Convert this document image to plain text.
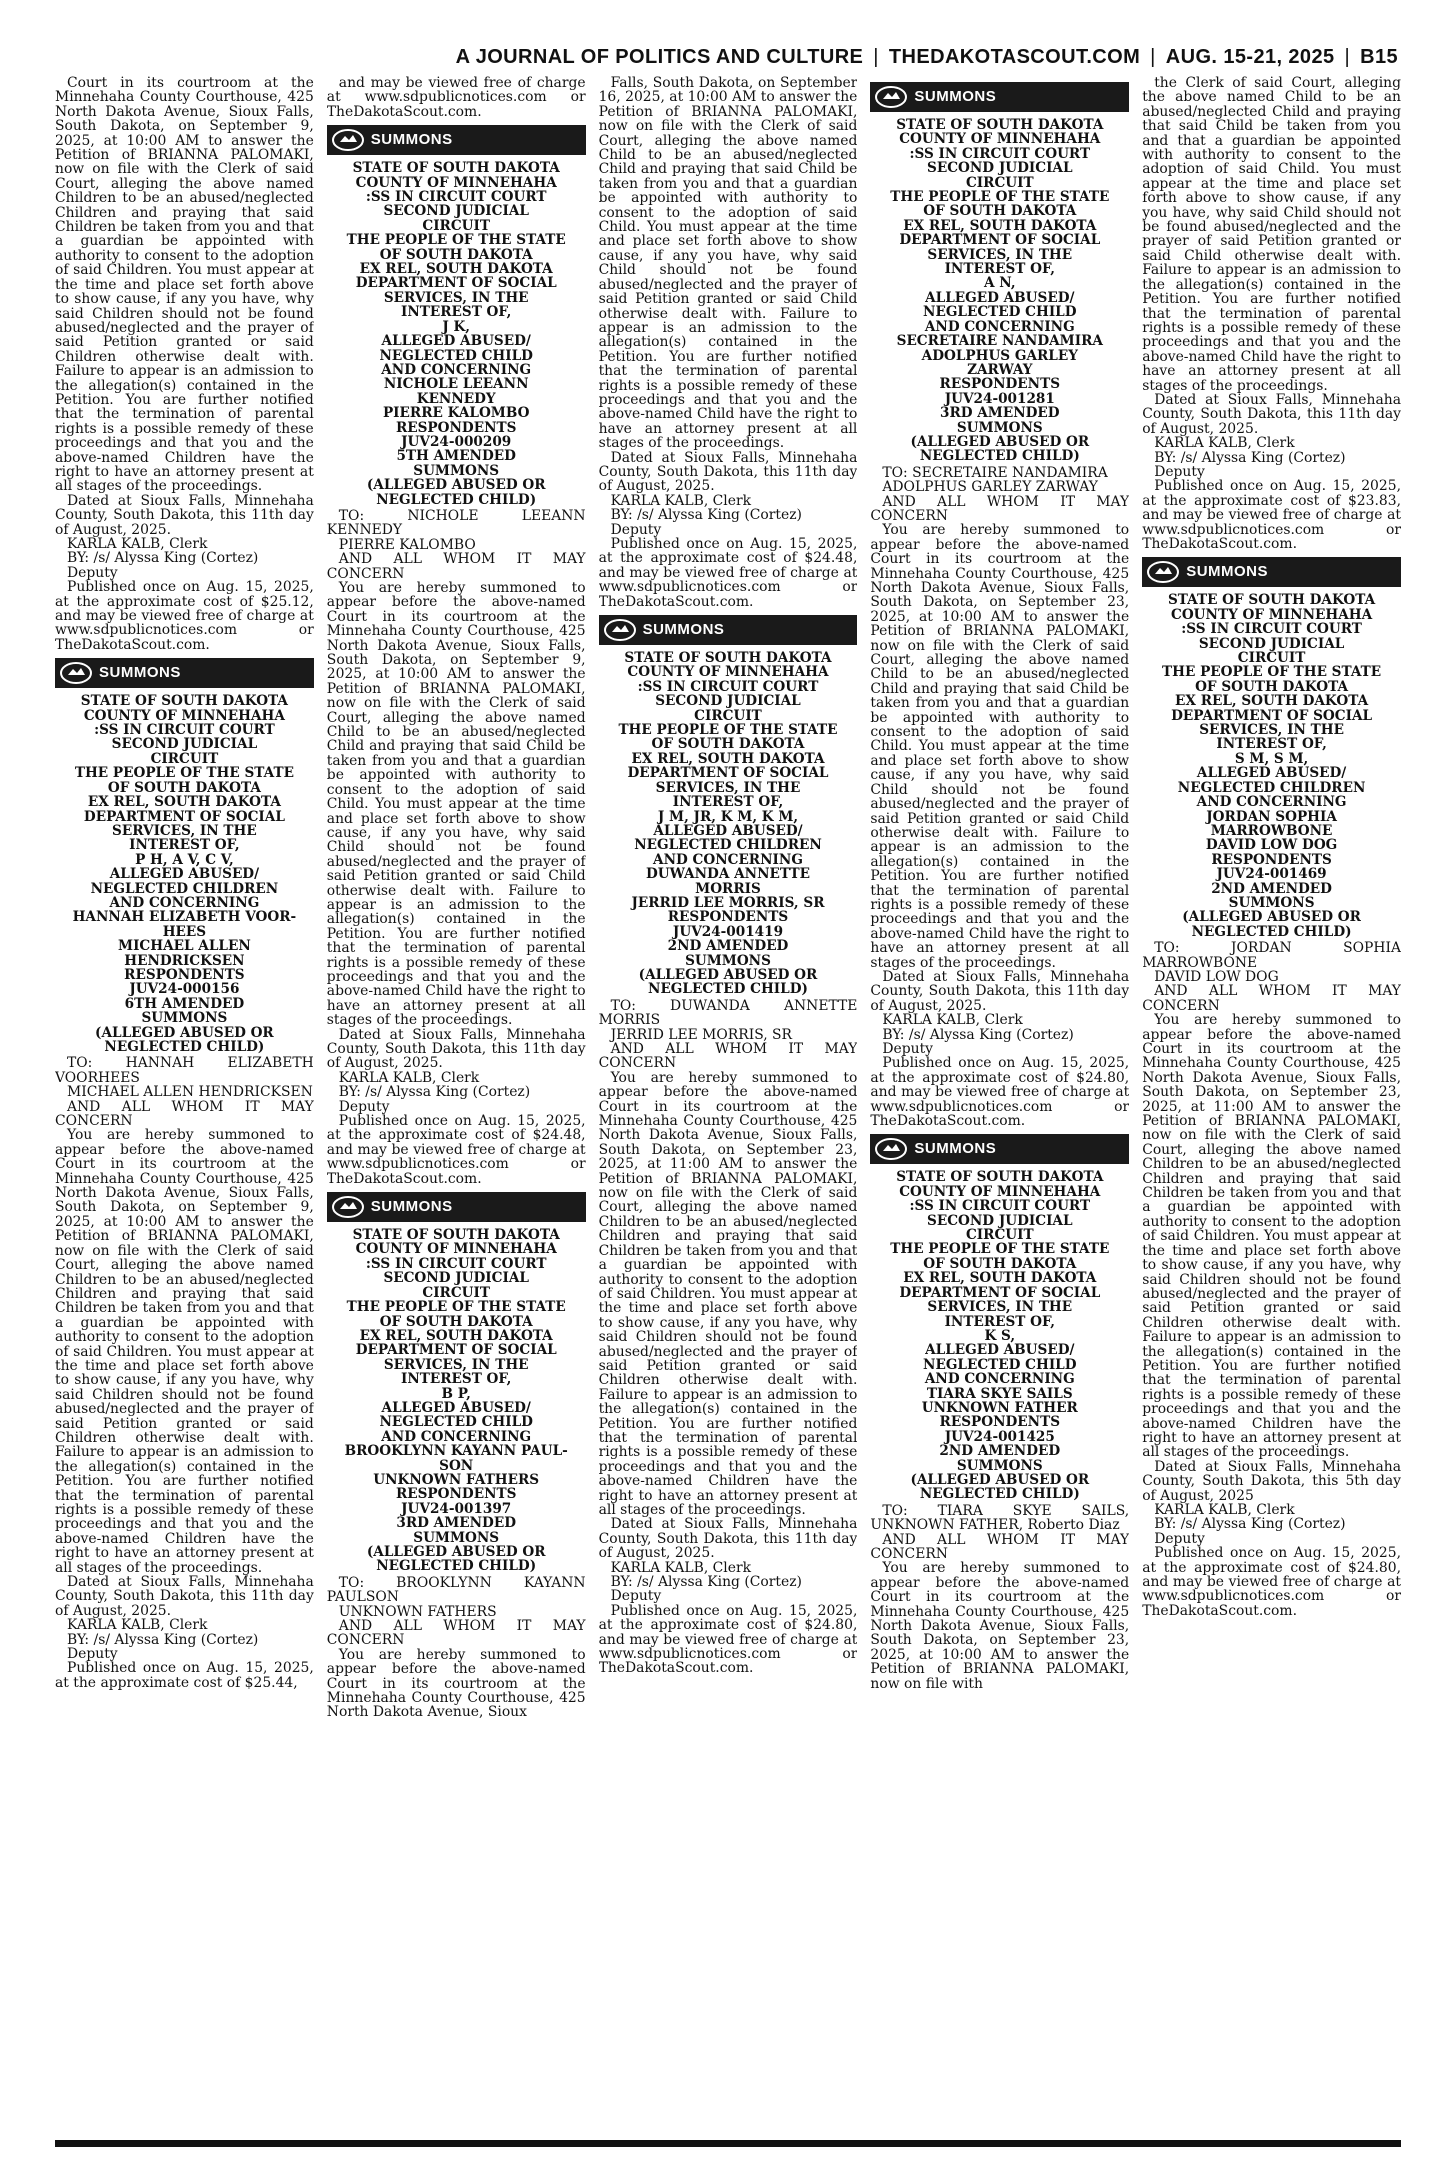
A JOURNAL OF POLITICS AND CULTURE | THEDAKOTASCOUT.COM | AUG. 15-21, 2025 | B15

Court in its courtroom at the Minnehaha County Courthouse, 425 North Dakota Avenue, Sioux Falls, South Dakota, on September 9, 2025, at 10:00 AM to answer the Petition of BRIANNA PALOMAKI, now on file with the Clerk of said Court, alleging the above named Children to be an abused/neglected Children and praying that said Children be taken from you and that a guardian be appointed with authority to consent to the adoption of said Children. You must appear at the time and place set forth above to show cause, if any you have, why said Children should not be found abused/neglected and the prayer of said Petition granted or said Children otherwise dealt with. Failure to appear is an admission to the allegation(s) contained in the Petition. You are further notified that the termination of parental rights is a possible remedy of these proceedings and that you and the above-named Children have the right to have an attorney present at all stages of the proceedings.

Dated at Sioux Falls, Minnehaha County, South Dakota, this 11th day of August, 2025.

KARLA KALB, Clerk

BY: /s/ Alyssa King (Cortez)

Deputy

Published once on Aug. 15, 2025, at the approximate cost of $25.12, and may be viewed free of charge at www.sdpublicnotices.com or TheDakotaScout.com.

SUMMONS
STATE OF SOUTH DAKOTA
COUNTY OF MINNEHAHA
:SS IN CIRCUIT COURT
SECOND JUDICIAL
CIRCUIT
THE PEOPLE OF THE STATE
OF SOUTH DAKOTA
EX REL, SOUTH DAKOTA
DEPARTMENT OF SOCIAL
SERVICES, IN THE
INTEREST OF,
P H, A V, C V,
ALLEGED ABUSED/
NEGLECTED CHILDREN
AND CONCERNING
HANNAH ELIZABETH VOOR-
HEES
MICHAEL ALLEN
HENDRICKSEN
RESPONDENTS
JUV24-000156
6TH AMENDED
SUMMONS
(ALLEGED ABUSED OR
NEGLECTED CHILD)

TO: HANNAH ELIZABETH VOORHEES

MICHAEL ALLEN HENDRICKSEN

AND ALL WHOM IT MAY CONCERN

You are hereby summoned to appear before the above-named Court in its courtroom at the Minnehaha County Courthouse, 425 North Dakota Avenue, Sioux Falls, South Dakota, on September 9, 2025, at 10:00 AM to answer the Petition of BRIANNA PALOMAKI, now on file with the Clerk of said Court, alleging the above named Children to be an abused/neglected Children and praying that said Children be taken from you and that a guardian be appointed with authority to consent to the adoption of said Children. You must appear at the time and place set forth above to show cause, if any you have, why said Children should not be found abused/neglected and the prayer of said Petition granted or said Children otherwise dealt with. Failure to appear is an admission to the allegation(s) contained in the Petition. You are further notified that the termination of parental rights is a possible remedy of these proceedings and that you and the above-named Children have the right to have an attorney present at all stages of the proceedings.

Dated at Sioux Falls, Minnehaha County, South Dakota, this 11th day of August, 2025.

KARLA KALB, Clerk

BY: /s/ Alyssa King (Cortez)

Deputy

Published once on Aug. 15, 2025, at the approximate cost of $25.44,

and may be viewed free of charge at www.sdpublicnotices.com or TheDakotaScout.com.

SUMMONS
STATE OF SOUTH DAKOTA
COUNTY OF MINNEHAHA
:SS IN CIRCUIT COURT
SECOND JUDICIAL
CIRCUIT
THE PEOPLE OF THE STATE
OF SOUTH DAKOTA
EX REL, SOUTH DAKOTA
DEPARTMENT OF SOCIAL
SERVICES, IN THE
INTEREST OF,
J K,
ALLEGED ABUSED/
NEGLECTED CHILD
AND CONCERNING
NICHOLE LEEANN
KENNEDY
PIERRE KALOMBO
RESPONDENTS
JUV24-000209
5TH AMENDED
SUMMONS
(ALLEGED ABUSED OR
NEGLECTED CHILD)

TO: NICHOLE LEEANN KENNEDY

PIERRE KALOMBO

AND ALL WHOM IT MAY CONCERN

You are hereby summoned to appear before the above-named Court in its courtroom at the Minnehaha County Courthouse, 425 North Dakota Avenue, Sioux Falls, South Dakota, on September 9, 2025, at 10:00 AM to answer the Petition of BRIANNA PALOMAKI, now on file with the Clerk of said Court, alleging the above named Child to be an abused/neglected Child and praying that said Child be taken from you and that a guardian be appointed with authority to consent to the adoption of said Child. You must appear at the time and place set forth above to show cause, if any you have, why said Child should not be found abused/neglected and the prayer of said Petition granted or said Child otherwise dealt with. Failure to appear is an admission to the allegation(s) contained in the Petition. You are further notified that the termination of parental rights is a possible remedy of these proceedings and that you and the above-named Child have the right to have an attorney present at all stages of the proceedings.

Dated at Sioux Falls, Minnehaha County, South Dakota, this 11th day of August, 2025.

KARLA KALB, Clerk

BY: /s/ Alyssa King (Cortez)

Deputy

Published once on Aug. 15, 2025, at the approximate cost of $24.48, and may be viewed free of charge at www.sdpublicnotices.com or TheDakotaScout.com.

SUMMONS
STATE OF SOUTH DAKOTA
COUNTY OF MINNEHAHA
:SS IN CIRCUIT COURT
SECOND JUDICIAL
CIRCUIT
THE PEOPLE OF THE STATE
OF SOUTH DAKOTA
EX REL, SOUTH DAKOTA
DEPARTMENT OF SOCIAL
SERVICES, IN THE
INTEREST OF,
B P,
ALLEGED ABUSED/
NEGLECTED CHILD
AND CONCERNING
BROOKLYNN KAYANN PAUL-
SON
UNKNOWN FATHERS
RESPONDENTS
JUV24-001397
3RD AMENDED
SUMMONS
(ALLEGED ABUSED OR
NEGLECTED CHILD)

TO: BROOKLYNN KAYANN PAULSON

UNKNOWN FATHERS

AND ALL WHOM IT MAY CONCERN

You are hereby summoned to appear before the above-named Court in its courtroom at the Minnehaha County Courthouse, 425 North Dakota Avenue, Sioux

Falls, South Dakota, on September 16, 2025, at 10:00 AM to answer the Petition of BRIANNA PALOMAKI, now on file with the Clerk of said Court, alleging the above named Child to be an abused/neglected Child and praying that said Child be taken from you and that a guardian be appointed with authority to consent to the adoption of said Child. You must appear at the time and place set forth above to show cause, if any you have, why said Child should not be found abused/neglected and the prayer of said Petition granted or said Child otherwise dealt with. Failure to appear is an admission to the allegation(s) contained in the Petition. You are further notified that the termination of parental rights is a possible remedy of these proceedings and that you and the above-named Child have the right to have an attorney present at all stages of the proceedings.

Dated at Sioux Falls, Minnehaha County, South Dakota, this 11th day of August, 2025.

KARLA KALB, Clerk

BY: /s/ Alyssa King (Cortez)

Deputy

Published once on Aug. 15, 2025, at the approximate cost of $24.48, and may be viewed free of charge at www.sdpublicnotices.com or TheDakotaScout.com.

SUMMONS
STATE OF SOUTH DAKOTA
COUNTY OF MINNEHAHA
:SS IN CIRCUIT COURT
SECOND JUDICIAL
CIRCUIT
THE PEOPLE OF THE STATE
OF SOUTH DAKOTA
EX REL, SOUTH DAKOTA
DEPARTMENT OF SOCIAL
SERVICES, IN THE
INTEREST OF,
J M, JR, K M, K M,
ALLEGED ABUSED/
NEGLECTED CHILDREN
AND CONCERNING
DUWANDA ANNETTE
MORRIS
JERRID LEE MORRIS, SR
RESPONDENTS
JUV24-001419
2ND AMENDED
SUMMONS
(ALLEGED ABUSED OR
NEGLECTED CHILD)

TO: DUWANDA ANNETTE MORRIS

JERRID LEE MORRIS, SR

AND ALL WHOM IT MAY CONCERN

You are hereby summoned to appear before the above-named Court in its courtroom at the Minnehaha County Courthouse, 425 North Dakota Avenue, Sioux Falls, South Dakota, on September 23, 2025, at 11:00 AM to answer the Petition of BRIANNA PALOMAKI, now on file with the Clerk of said Court, alleging the above named Children to be an abused/neglected Children and praying that said Children be taken from you and that a guardian be appointed with authority to consent to the adoption of said Children. You must appear at the time and place set forth above to show cause, if any you have, why said Children should not be found abused/neglected and the prayer of said Petition granted or said Children otherwise dealt with. Failure to appear is an admission to the allegation(s) contained in the Petition. You are further notified that the termination of parental rights is a possible remedy of these proceedings and that you and the above-named Children have the right to have an attorney present at all stages of the proceedings.

Dated at Sioux Falls, Minnehaha County, South Dakota, this 11th day of August, 2025.

KARLA KALB, Clerk

BY: /s/ Alyssa King (Cortez)

Deputy

Published once on Aug. 15, 2025, at the approximate cost of $24.80, and may be viewed free of charge at www.sdpublicnotices.com or TheDakotaScout.com.

SUMMONS
STATE OF SOUTH DAKOTA
COUNTY OF MINNEHAHA
:SS IN CIRCUIT COURT
SECOND JUDICIAL
CIRCUIT
THE PEOPLE OF THE STATE
OF SOUTH DAKOTA
EX REL, SOUTH DAKOTA
DEPARTMENT OF SOCIAL
SERVICES, IN THE
INTEREST OF,
A N,
ALLEGED ABUSED/
NEGLECTED CHILD
AND CONCERNING
SECRETAIRE NANDAMIRA
ADOLPHUS GARLEY
ZARWAY
RESPONDENTS
JUV24-001281
3RD AMENDED
SUMMONS
(ALLEGED ABUSED OR
NEGLECTED CHILD)

TO: SECRETAIRE NANDAMIRA

ADOLPHUS GARLEY ZARWAY

AND ALL WHOM IT MAY CONCERN

You are hereby summoned to appear before the above-named Court in its courtroom at the Minnehaha County Courthouse, 425 North Dakota Avenue, Sioux Falls, South Dakota, on September 23, 2025, at 10:00 AM to answer the Petition of BRIANNA PALOMAKI, now on file with the Clerk of said Court, alleging the above named Child to be an abused/neglected Child and praying that said Child be taken from you and that a guardian be appointed with authority to consent to the adoption of said Child. You must appear at the time and place set forth above to show cause, if any you have, why said Child should not be found abused/neglected and the prayer of said Petition granted or said Child otherwise dealt with. Failure to appear is an admission to the allegation(s) contained in the Petition. You are further notified that the termination of parental rights is a possible remedy of these proceedings and that you and the above-named Child have the right to have an attorney present at all stages of the proceedings.

Dated at Sioux Falls, Minnehaha County, South Dakota, this 11th day of August, 2025.

KARLA KALB, Clerk

BY: /s/ Alyssa King (Cortez)

Deputy

Published once on Aug. 15, 2025, at the approximate cost of $24.80, and may be viewed free of charge at www.sdpublicnotices.com or TheDakotaScout.com.

SUMMONS
STATE OF SOUTH DAKOTA
COUNTY OF MINNEHAHA
:SS IN CIRCUIT COURT
SECOND JUDICIAL
CIRCUIT
THE PEOPLE OF THE STATE
OF SOUTH DAKOTA
EX REL, SOUTH DAKOTA
DEPARTMENT OF SOCIAL
SERVICES, IN THE
INTEREST OF,
K S,
ALLEGED ABUSED/
NEGLECTED CHILD
AND CONCERNING
TIARA SKYE SAILS
UNKNOWN FATHER
RESPONDENTS
JUV24-001425
2ND AMENDED
SUMMONS
(ALLEGED ABUSED OR
NEGLECTED CHILD)

TO: TIARA SKYE SAILS, UNKNOWN FATHER, Roberto Diaz

AND ALL WHOM IT MAY CONCERN

You are hereby summoned to appear before the above-named Court in its courtroom at the Minnehaha County Courthouse, 425 North Dakota Avenue, Sioux Falls, South Dakota, on September 23, 2025, at 10:00 AM to answer the Petition of BRIANNA PALOMAKI, now on file with

the Clerk of said Court, alleging the above named Child to be an abused/neglected Child and praying that said Child be taken from you and that a guardian be appointed with authority to consent to the adoption of said Child. You must appear at the time and place set forth above to show cause, if any you have, why said Child should not be found abused/neglected and the prayer of said Petition granted or said Child otherwise dealt with. Failure to appear is an admission to the allegation(s) contained in the Petition. You are further notified that the termination of parental rights is a possible remedy of these proceedings and that you and the above-named Child have the right to have an attorney present at all stages of the proceedings.

Dated at Sioux Falls, Minnehaha County, South Dakota, this 11th day of August, 2025.

KARLA KALB, Clerk

BY: /s/ Alyssa King (Cortez)

Deputy

Published once on Aug. 15, 2025, at the approximate cost of $23.83, and may be viewed free of charge at www.sdpublicnotices.com or TheDakotaScout.com.

SUMMONS
STATE OF SOUTH DAKOTA
COUNTY OF MINNEHAHA
:SS IN CIRCUIT COURT
SECOND JUDICIAL
CIRCUIT
THE PEOPLE OF THE STATE
OF SOUTH DAKOTA
EX REL, SOUTH DAKOTA
DEPARTMENT OF SOCIAL
SERVICES, IN THE
INTEREST OF,
S M, S M,
ALLEGED ABUSED/
NEGLECTED CHILDREN
AND CONCERNING
JORDAN SOPHIA
MARROWBONE
DAVID LOW DOG
RESPONDENTS
JUV24-001469
2ND AMENDED
SUMMONS
(ALLEGED ABUSED OR
NEGLECTED CHILD)

TO: JORDAN SOPHIA MARROWBONE

DAVID LOW DOG

AND ALL WHOM IT MAY CONCERN

You are hereby summoned to appear before the above-named Court in its courtroom at the Minnehaha County Courthouse, 425 North Dakota Avenue, Sioux Falls, South Dakota, on September 23, 2025, at 11:00 AM to answer the Petition of BRIANNA PALOMAKI, now on file with the Clerk of said Court, alleging the above named Children to be an abused/neglected Children and praying that said Children be taken from you and that a guardian be appointed with authority to consent to the adoption of said Children. You must appear at the time and place set forth above to show cause, if any you have, why said Children should not be found abused/neglected and the prayer of said Petition granted or said Children otherwise dealt with. Failure to appear is an admission to the allegation(s) contained in the Petition. You are further notified that the termination of parental rights is a possible remedy of these proceedings and that you and the above-named Children have the right to have an attorney present at all stages of the proceedings.

Dated at Sioux Falls, Minnehaha County, South Dakota, this 5th day of August, 2025

KARLA KALB, Clerk

BY: /s/ Alyssa King (Cortez)

Deputy

Published once on Aug. 15, 2025, at the approximate cost of $24.80, and may be viewed free of charge at www.sdpublicnotices.com or TheDakotaScout.com.
